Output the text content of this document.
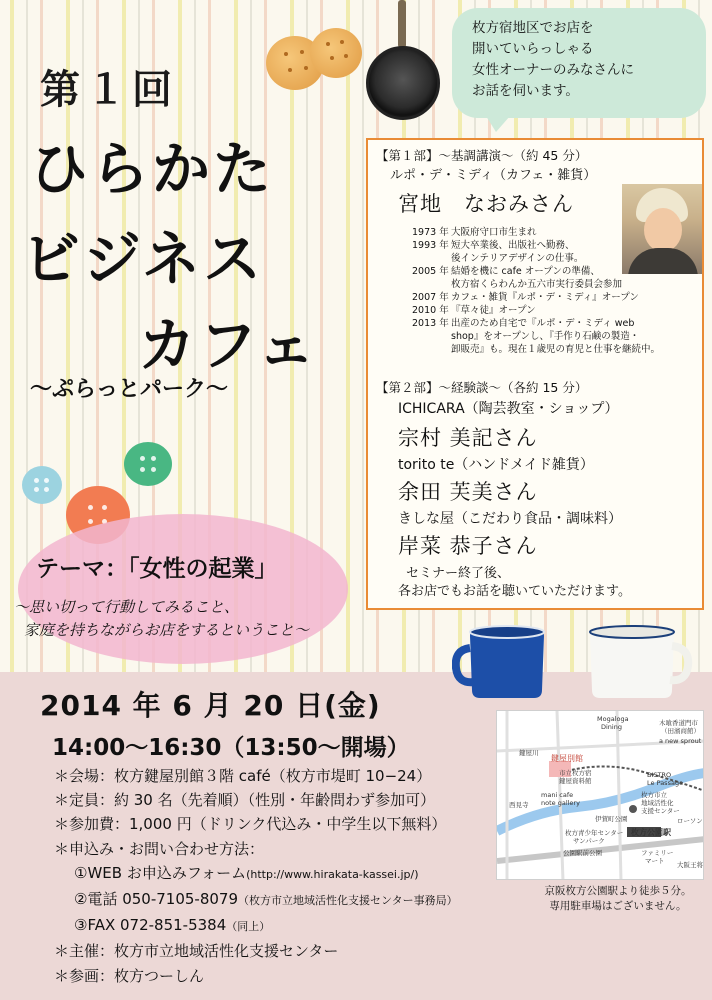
第１回
ひらかた
ビジネス
カフェ
〜ぷらっとパーク〜
枚方宿地区でお店を
開いていらっしゃる
女性オーナーのみなさんに
お話を伺います。
【第１部】〜基調講演〜（約 45 分）
ルポ・デ・ミディ（カフェ・雑貨）
宮地　なおみさん
1973 年 大阪府守口市生まれ
1993 年 短大卒業後、出版社へ勤務、
後インテリアデザインの仕事。
2005 年 結婚を機に cafe オープンの準備、
枚方宿くらわんか五六市実行委員会参加
2007 年 カフェ・雑貨『ルポ・デ・ミディ』オープン
2010 年 『草々徒』オープン
2013 年 出産のため自宅で『ルポ・デ・ミディ web
shop』をオープンし、『手作り石鹸の製造・
卸販売』も。現在１歳児の育児と仕事を継続中。
【第２部】〜経験談〜（各約 15 分）
ICHICARA（陶芸教室・ショップ）
宗村 美記さん
torito te（ハンドメイド雑貨）
余田 芙美さん
きしな屋（こだわり食品・調味料）
岸菜 恭子さん
セミナー終了後、
各お店でもお話を聴いていただけます。
テーマ：「女性の起業」
〜思い切って行動してみること、
家庭を持ちながらお店をするということ〜
2014 年 6 月 20 日(金)
14:00〜16:30（13:50〜開場）
＊会場：枚方鍵屋別館３階 café（枚方市堤町 10−24）
＊定員：約 30 名（先着順）（性別・年齢問わず参加可）
＊参加費：1,000 円（ドリンク代込み・中学生以下無料）
＊申込み・お問い合わせ方法：
①WEB お申込みフォーム(http://www.hirakata-kassei.jp/)
②電話 050-7105-8079（枚方市立地域活性化支援センター事務局）
③FAX 072-851-5384（同上）
＊主催：枚方市立地域活性化支援センター
＊参画：枚方つーしん
Mogaloga
Dining	木喰香道門市
（田濱商館）
a new sprout
鍵屋川
鍵屋別館
市立枚方宿
鍵屋資料館
BISTRO
Le Passage
mani cafe
note gallery
西見寺
枚方市立
地域活性化
支援センター
伊賀町公園	ローソン
枚方公園駅
枚方青少年センター
サンパーク
公園駅前公園	ファミリー
マート 大阪王将
京阪枚方公園駅より徒歩５分。
専用駐車場はございません。
